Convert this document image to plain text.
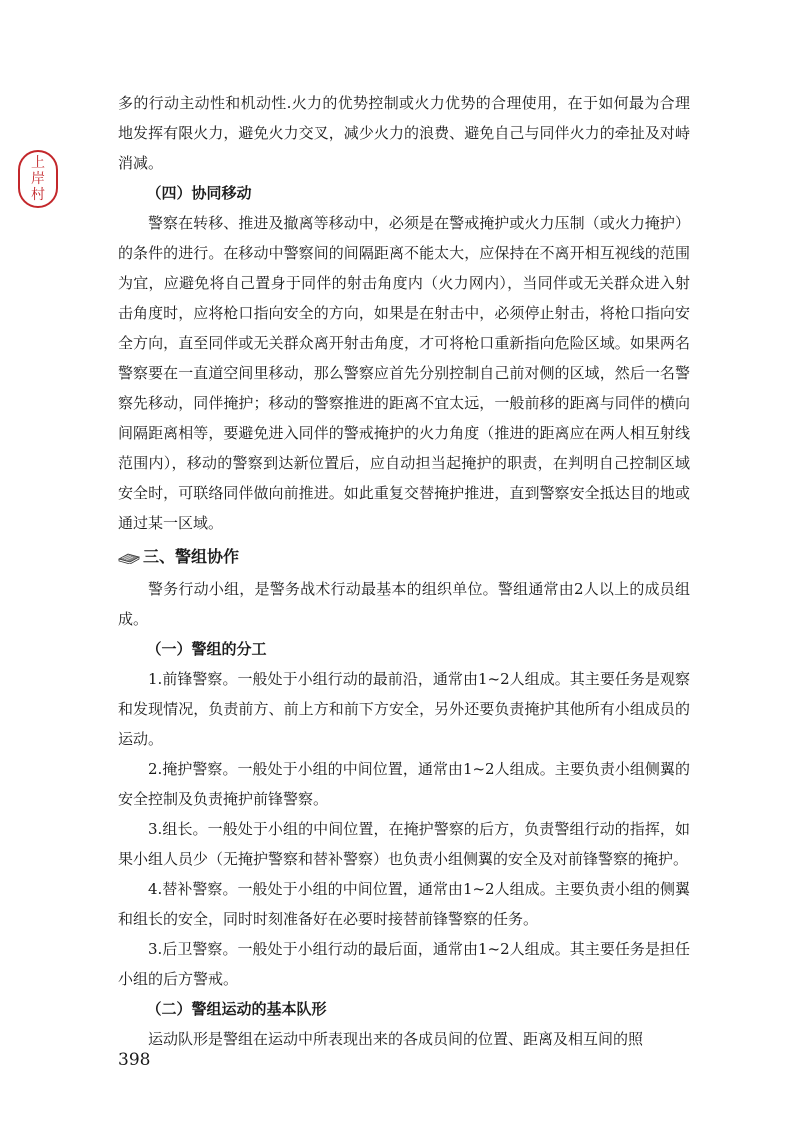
上
岸
村

多的行动主动性和机动性.火力的优势控制或火力优势的合理使用，在于如何最为合理地发挥有限火力，避免火力交叉，减少火力的浪费、避免自己与同伴火力的牵扯及对峙消减。

（四）协同移动

警察在转移、推进及撤离等移动中，必须是在警戒掩护或火力压制（或火力掩护）的条件的进行。在移动中警察间的间隔距离不能太大，应保持在不离开相互视线的范围为宜，应避免将自己置身于同伴的射击角度内（火力网内），当同伴或无关群众进入射击角度时，应将枪口指向安全的方向，如果是在射击中，必须停止射击，将枪口指向安全方向，直至同伴或无关群众离开射击角度，才可将枪口重新指向危险区域。如果两名警察要在一直道空间里移动，那么警察应首先分别控制自己前对侧的区域，然后一名警察先移动，同伴掩护；移动的警察推进的距离不宜太远，一般前移的距离与同伴的横向间隔距离相等，要避免进入同伴的警戒掩护的火力角度（推进的距离应在两人相互射线范围内），移动的警察到达新位置后，应自动担当起掩护的职责，在判明自己控制区域安全时，可联络同伴做向前推进。如此重复交替掩护推进，直到警察安全抵达目的地或通过某一区域。

三、警组协作

警务行动小组，是警务战术行动最基本的组织单位。警组通常由2人以上的成员组成。

（一）警组的分工

1.前锋警察。一般处于小组行动的最前沿，通常由1~2人组成。其主要任务是观察和发现情况，负责前方、前上方和前下方安全，另外还要负责掩护其他所有小组成员的运动。

2.掩护警察。一般处于小组的中间位置，通常由1~2人组成。主要负责小组侧翼的安全控制及负责掩护前锋警察。

3.组长。一般处于小组的中间位置，在掩护警察的后方，负责警组行动的指挥，如果小组人员少（无掩护警察和替补警察）也负责小组侧翼的安全及对前锋警察的掩护。

4.替补警察。一般处于小组的中间位置，通常由1~2人组成。主要负责小组的侧翼和组长的安全，同时时刻准备好在必要时接替前锋警察的任务。

3.后卫警察。一般处于小组行动的最后面，通常由1~2人组成。其主要任务是担任小组的后方警戒。

（二）警组运动的基本队形

运动队形是警组在运动中所表现出来的各成员间的位置、距离及相互间的照

398
